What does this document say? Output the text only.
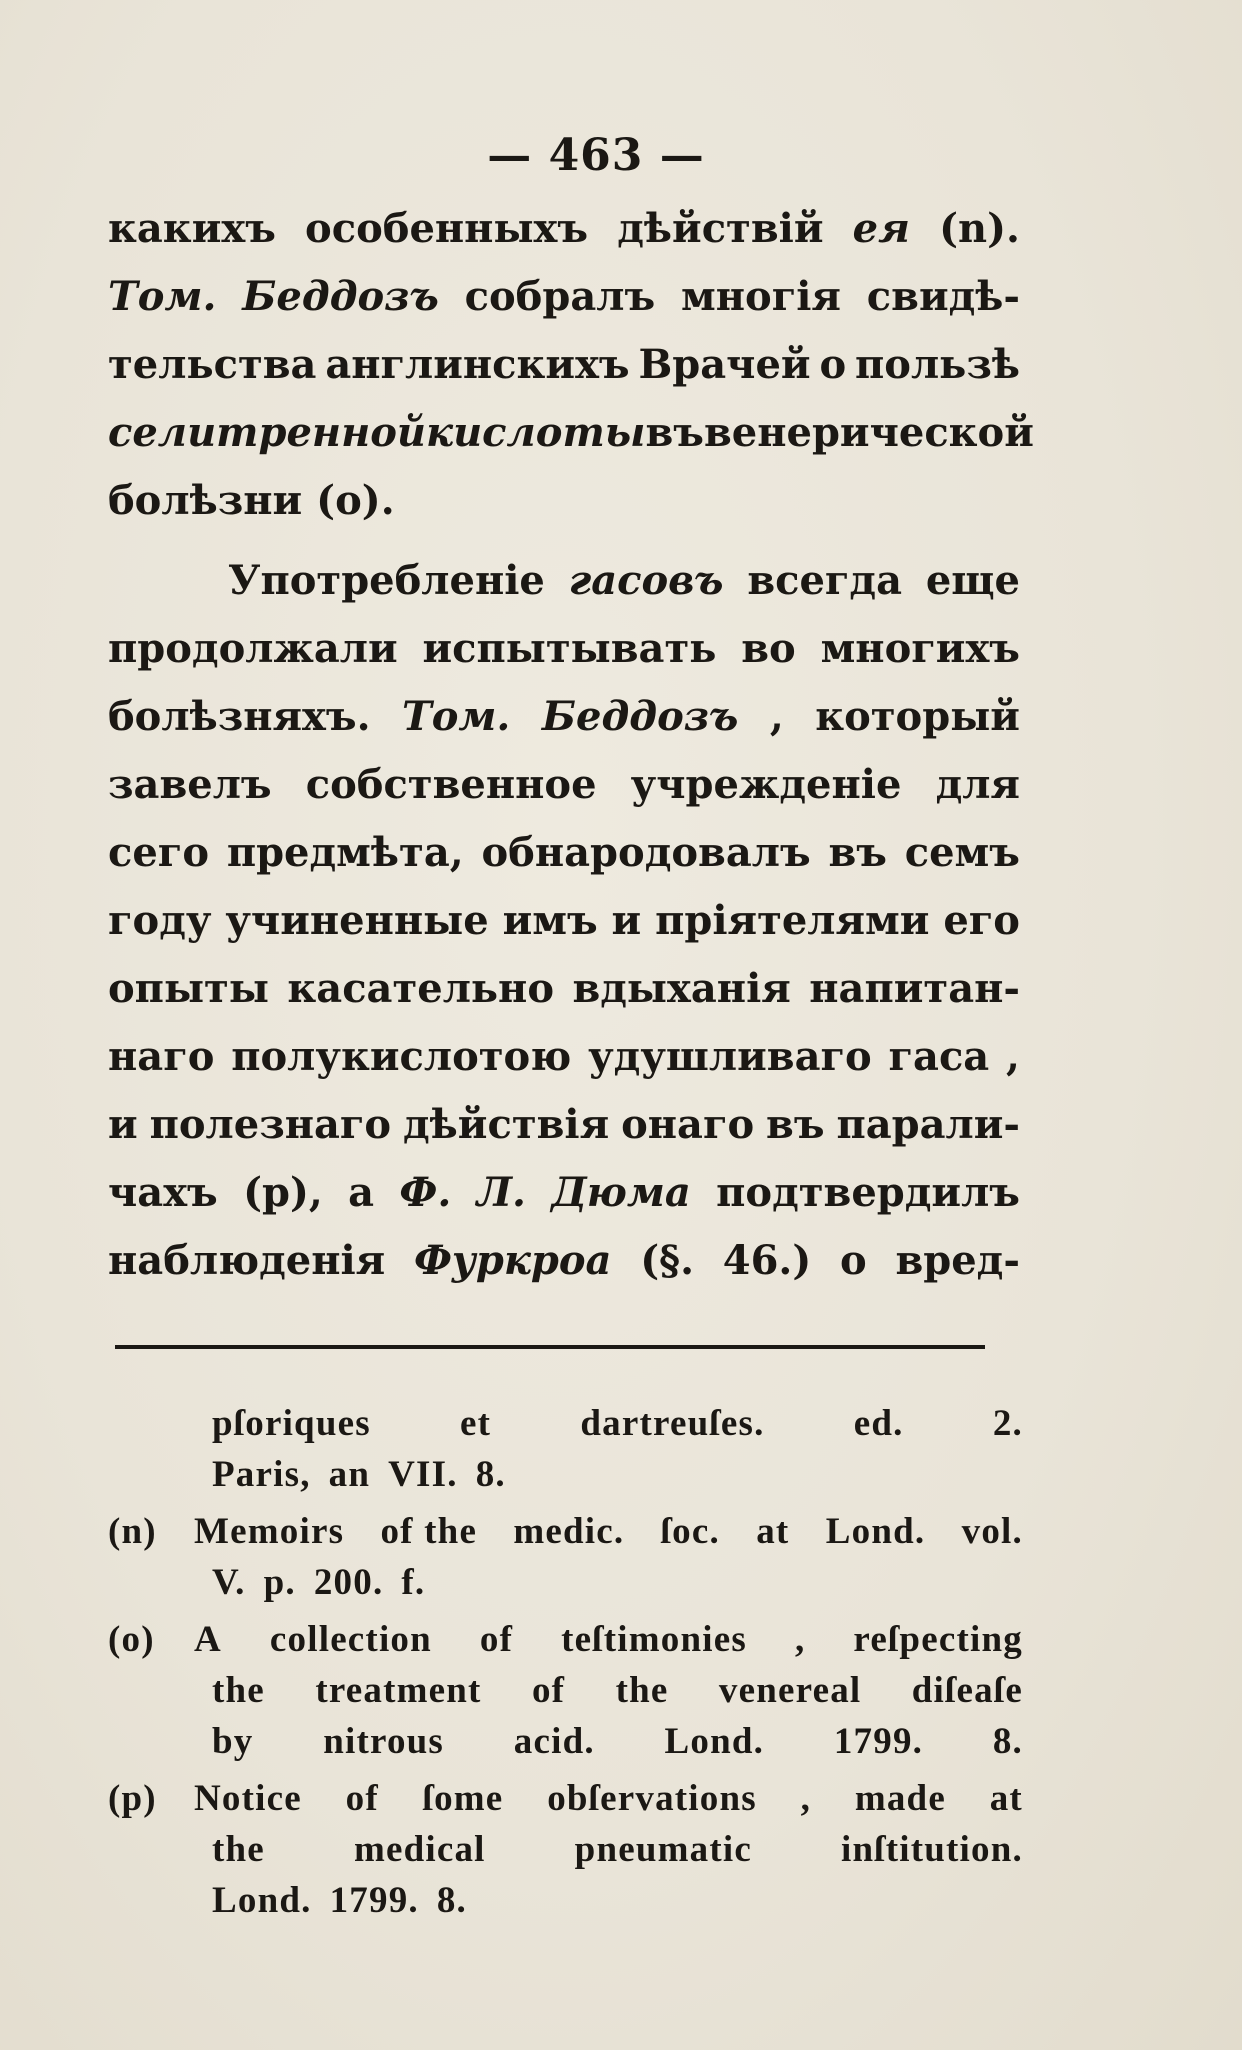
— 463 —
какихъ особенныхъ дѣйствій ея (n).
Том. Беддозъ собралъ многія свидѣ-
тельства англинскихъ Врачей о пользѣ
селитренной кислоты въ венерической
болѣзни (o).
Употребленіе гасовъ всегда еще
продолжали испытывать во многихъ
болѣзняхъ. Том. Беддозъ , который
завелъ собственное учрежденіе для
сего предмѣта, обнародовалъ въ семъ
году учиненные имъ и пріятелями его
опыты касательно вдыханія напитан-
наго полукислотою удушливаго гаса ,
и полезнаго дѣйствія онаго въ парали-
чахъ (p), а Ф. Л. Дюма подтвердилъ
наблюденія Фуркроа (§. 46.) о вред-
pſoriques et dartreuſes. ed. 2.
Paris, an VII. 8.
(n)	Memoirs of the medic. ſoc. at Lond. vol.
V. p. 200. f.
(o)	A collection of teſtimonies , reſpecting
the treatment of the venereal diſeaſe
by nitrous acid. Lond. 1799. 8.
(p)	Notice of ſome obſervations , made at
the medical pneumatic inſtitution.
Lond. 1799. 8.
